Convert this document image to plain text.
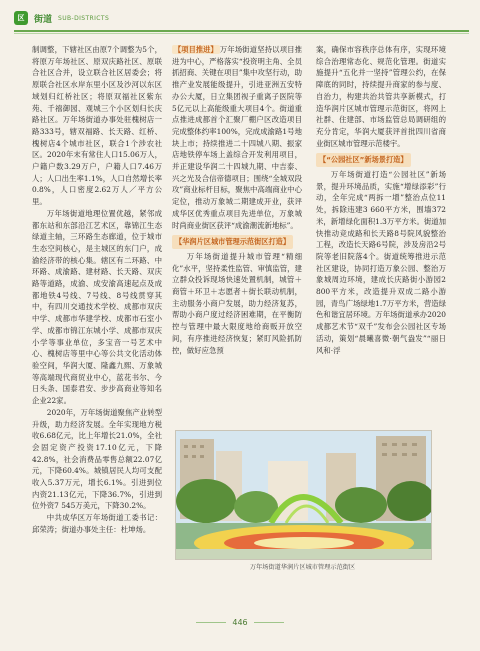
区	街道 SUB-DISTRICTS

制调整，下辖社区由原7个调整为5个，将原万年场社区、原双庆路社区、原联合社区合并，设立联合社区居委会；将原联合社区水岸东里小区及沙河以东区域划归红桥社区；将原双福社区紫东苑、千禧御园、观城三个小区划归长庆路社区。万年场街道办事处驻槐树店一路333号，辖双福路、长天路、红桥、槐树店4个城市社区，联合1个涉农社区。2020年末有常住人口15.06万人，户籍户数3.29万户，户籍人口7.46万人；人口出生率1.1%，人口自然增长率0.8%，人口密度2.62万人／平方公里。

万年场街道地理位置优越，紧邻成都东站和东部沿江艺术区，靠锦江生态绿道主轴，三环路生态廊道，位于城市生态空间核心，是主城区的东门户，成渝经济带的核心集。辖区有二环路、中环路、成渝路、建材路、长天路、双庆路等道路，成渝、成安渝高速起点及成都地铁4号线、7号线、8号线贯穿其中，有四川交通技术学校、成都市双庆中学、成都市华建学校、成都市石室小学、成都市锦江东城小学、成都市双庆小学等事业单位，多宝音一号艺术中心、槐树店等里中心等公共文化活动体验空间，华润大厦、隆鑫九熙、万象城等高端现代商贸业中心，蓝花书尔、今日头条、国泰君安、步步高商业等知名企业22家。

2020年，万年场街道聚焦产业转型升级，助力经济发展。全年实现地方税收6.68亿元，比上年增长21.0%，全社会固定资产投资17.10亿元，下降42.8%，社会消费品零售总额22.07亿元，下降60.4%。城镇居民人均可支配收入5.37万元，增长6.1%。引进到位内资21.13亿元，下降36.7%，引进到位外资7 545万美元，下降30.2%。

中共成华区万年场街道工委书记：邱荣涛；街道办事处主任：杜坤炀。

【项目推进】 万年场街道坚持以项目推进为中心，严格落实“投资明主角、全员抓招商、关键在项目”集中攻坚行动，助推产业发展能级提升，引进亚洲五安特办公大厦，日立集团视子重离子医院等5亿元以上高能级重大项目4个。街道重点推进成都首个汇聚厂棚户区改造项目完成整体约率100%，完成成渝路1号地块上市；持续推进二十四城八期、振家店地铁停车场上盖综合开发利用项目，并正建设华润二十四城九期、中吉泰、兴之光及合信帝德项目；围绕“全城双段攻”商业标杆目标，聚焦中高端商业中心定位，推动万象城二期建成开业，获评成华区优秀重点项目先进单位，万象城时尚商业街区获评“成渝潮流新地标”。

【华润片区城市管理示范街区打造】

万年场街道提升城市管理“精细化”水平，坚持柔性监管、审慎监管，建立群众投诉现场快速处置机制，城管＋商管＋环卫＋志愿者＋街长联动机制，主动服务小商户发展，助力经济复苏，帮助小商户度过经济困难期，在平衡防控与管理中最大限度地给商贩开放空间，有序推进经济恢复；紧盯风险抓防控，做好应急预

案，确保市容秩序总体有序，实现环境综合治理常态化、规范化管理。街道实施提升“五化并一坚持”管理公约，在保障底的同时，持续提升商家的参与度、自治力，构建共治共管共享新模式，打造华润片区城市管理示范街区，将网上社群、住建部、市场监管总局调研组的充分肯定，华润大厦获评首批四川省商业街区城市管理示范楼宇。

【“公园社区”新场景打造】

万年场街道打造“公园社区”新场景，提升环境品质，实施“增绿添彩”行动，全年完成“两拆一增”整治点位11处，拆除违建3 660平方米，围墙372米，新增绿化面积1.3万平方米。街道加快推动竞成路和长天路8号院风貌整治工程，改造长天路6号院，涉及房沿2号院等老旧院落4个。街道统筹推进示范社区建设，协同打造万象公园、整治万象城周边环境，建成长庆路街小游园2 800平方米，改造提升双成二路小游园，青鸟广场绿地1.7万平方米，营造绿色和谐宜居环境。万年场街道承办2020成都艺术节“双千”发布会公园社区专场活动，策划“晨曦喜微·朝气盎发”“丽日风和·浮

万年场街道华润片区城市管理示范街区
446
